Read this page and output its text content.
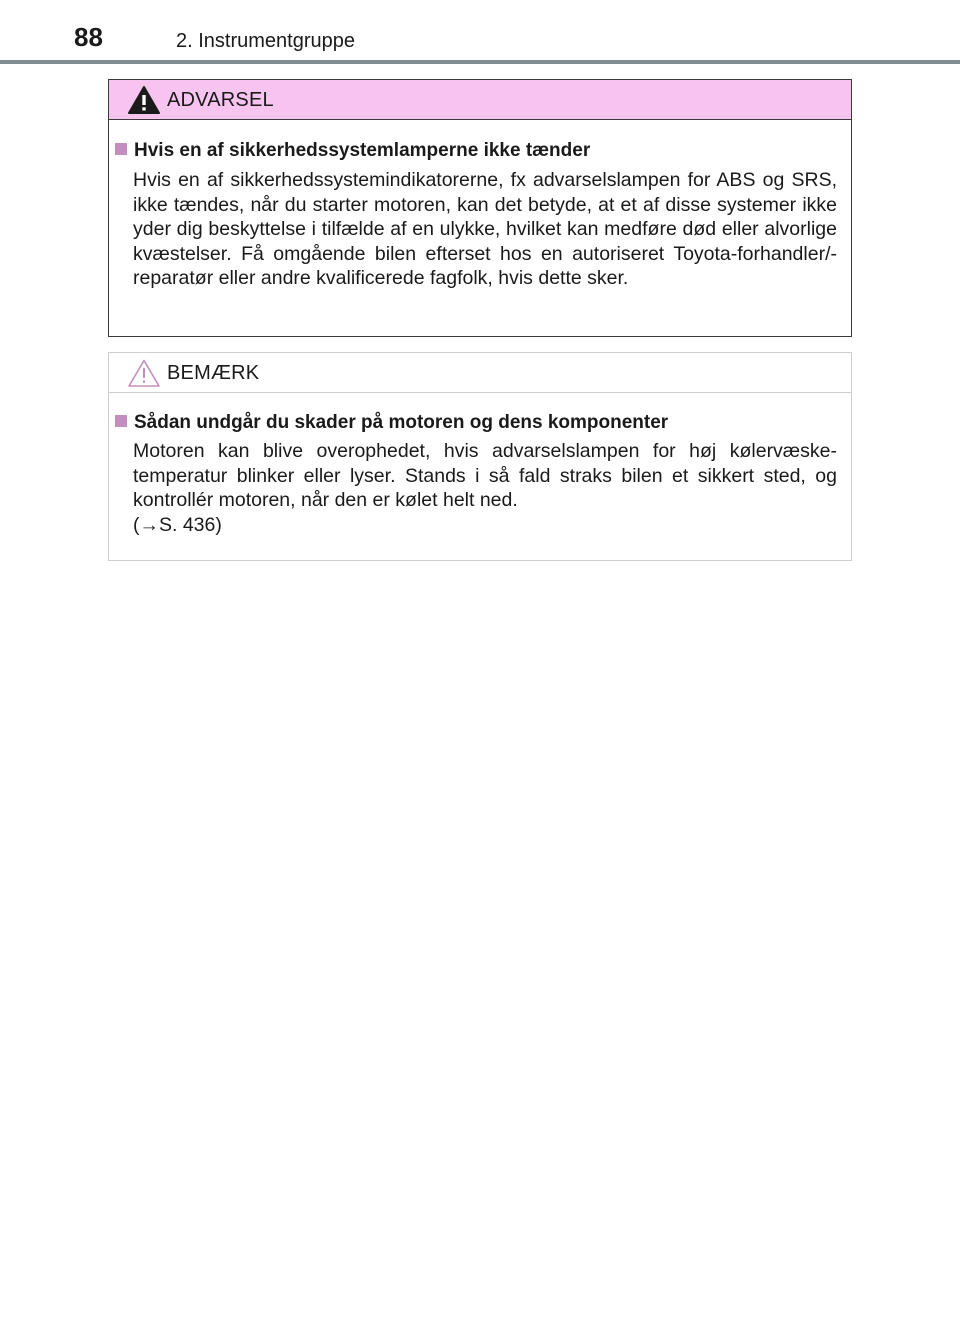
88	2. Instrumentgruppe
ADVARSEL
Hvis en af sikkerhedssystemlamperne ikke tænder
Hvis en af sikkerhedssystemindikatorerne, fx advarselslampen for ABS og SRS, ikke tændes, når du starter motoren, kan det betyde, at et af disse systemer ikke yder dig beskyttelse i tilfælde af en ulykke, hvilket kan medføre død eller alvorlige kvæstelser. Få omgående bilen efterset hos en autoriseret Toyota-forhandler/-reparatør eller andre kvalificerede fagfolk, hvis dette sker.
BEMÆRK
Sådan undgår du skader på motoren og dens komponenter
Motoren kan blive overophedet, hvis advarselslampen for høj kølervæske-temperatur blinker eller lyser. Stands i så fald straks bilen et sikkert sted, og kontrollér motoren, når den er kølet helt ned.
(→S. 436)
